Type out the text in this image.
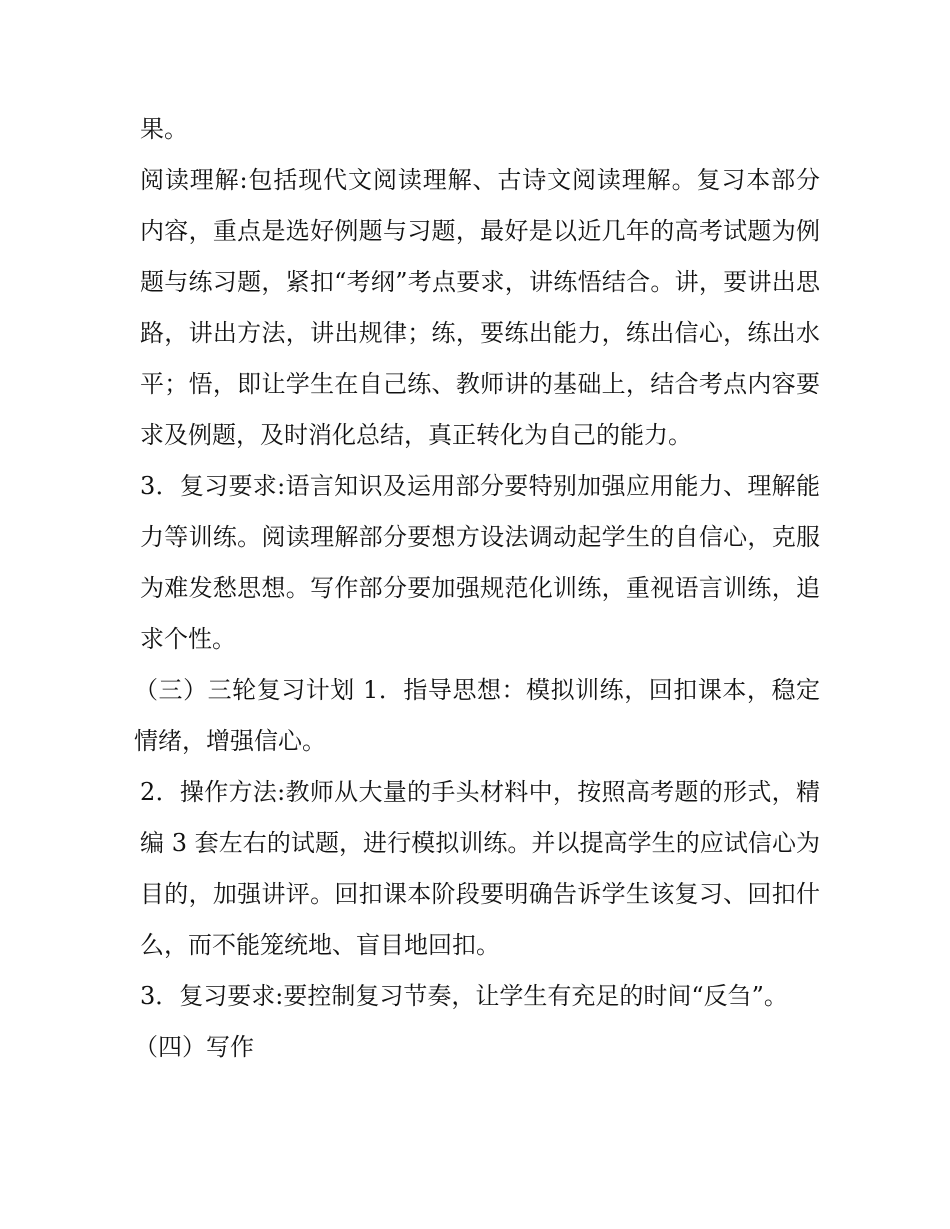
果。

阅读理解:包括现代文阅读理解、古诗文阅读理解。复习本部分内容，重点是选好例题与习题，最好是以近几年的高考试题为例题与练习题，紧扣“考纲”考点要求，讲练悟结合。讲，要讲出思路，讲出方法，讲出规律；练，要练出能力，练出信心，练出水平；悟，即让学生在自己练、教师讲的基础上，结合考点内容要求及例题，及时消化总结，真正转化为自己的能力。

3．复习要求:语言知识及运用部分要特别加强应用能力、理解能力等训练。阅读理解部分要想方设法调动起学生的自信心，克服为难发愁思想。写作部分要加强规范化训练，重视语言训练，追求个性。

（三）三轮复习计划 1．指导思想：模拟训练，回扣课本，稳定情绪，增强信心。

2．操作方法:教师从大量的手头材料中，按照高考题的形式，精编 3 套左右的试题，进行模拟训练。并以提高学生的应试信心为目的，加强讲评。回扣课本阶段要明确告诉学生该复习、回扣什么，而不能笼统地、盲目地回扣。

3．复习要求:要控制复习节奏，让学生有充足的时间“反刍”。

（四）写作
